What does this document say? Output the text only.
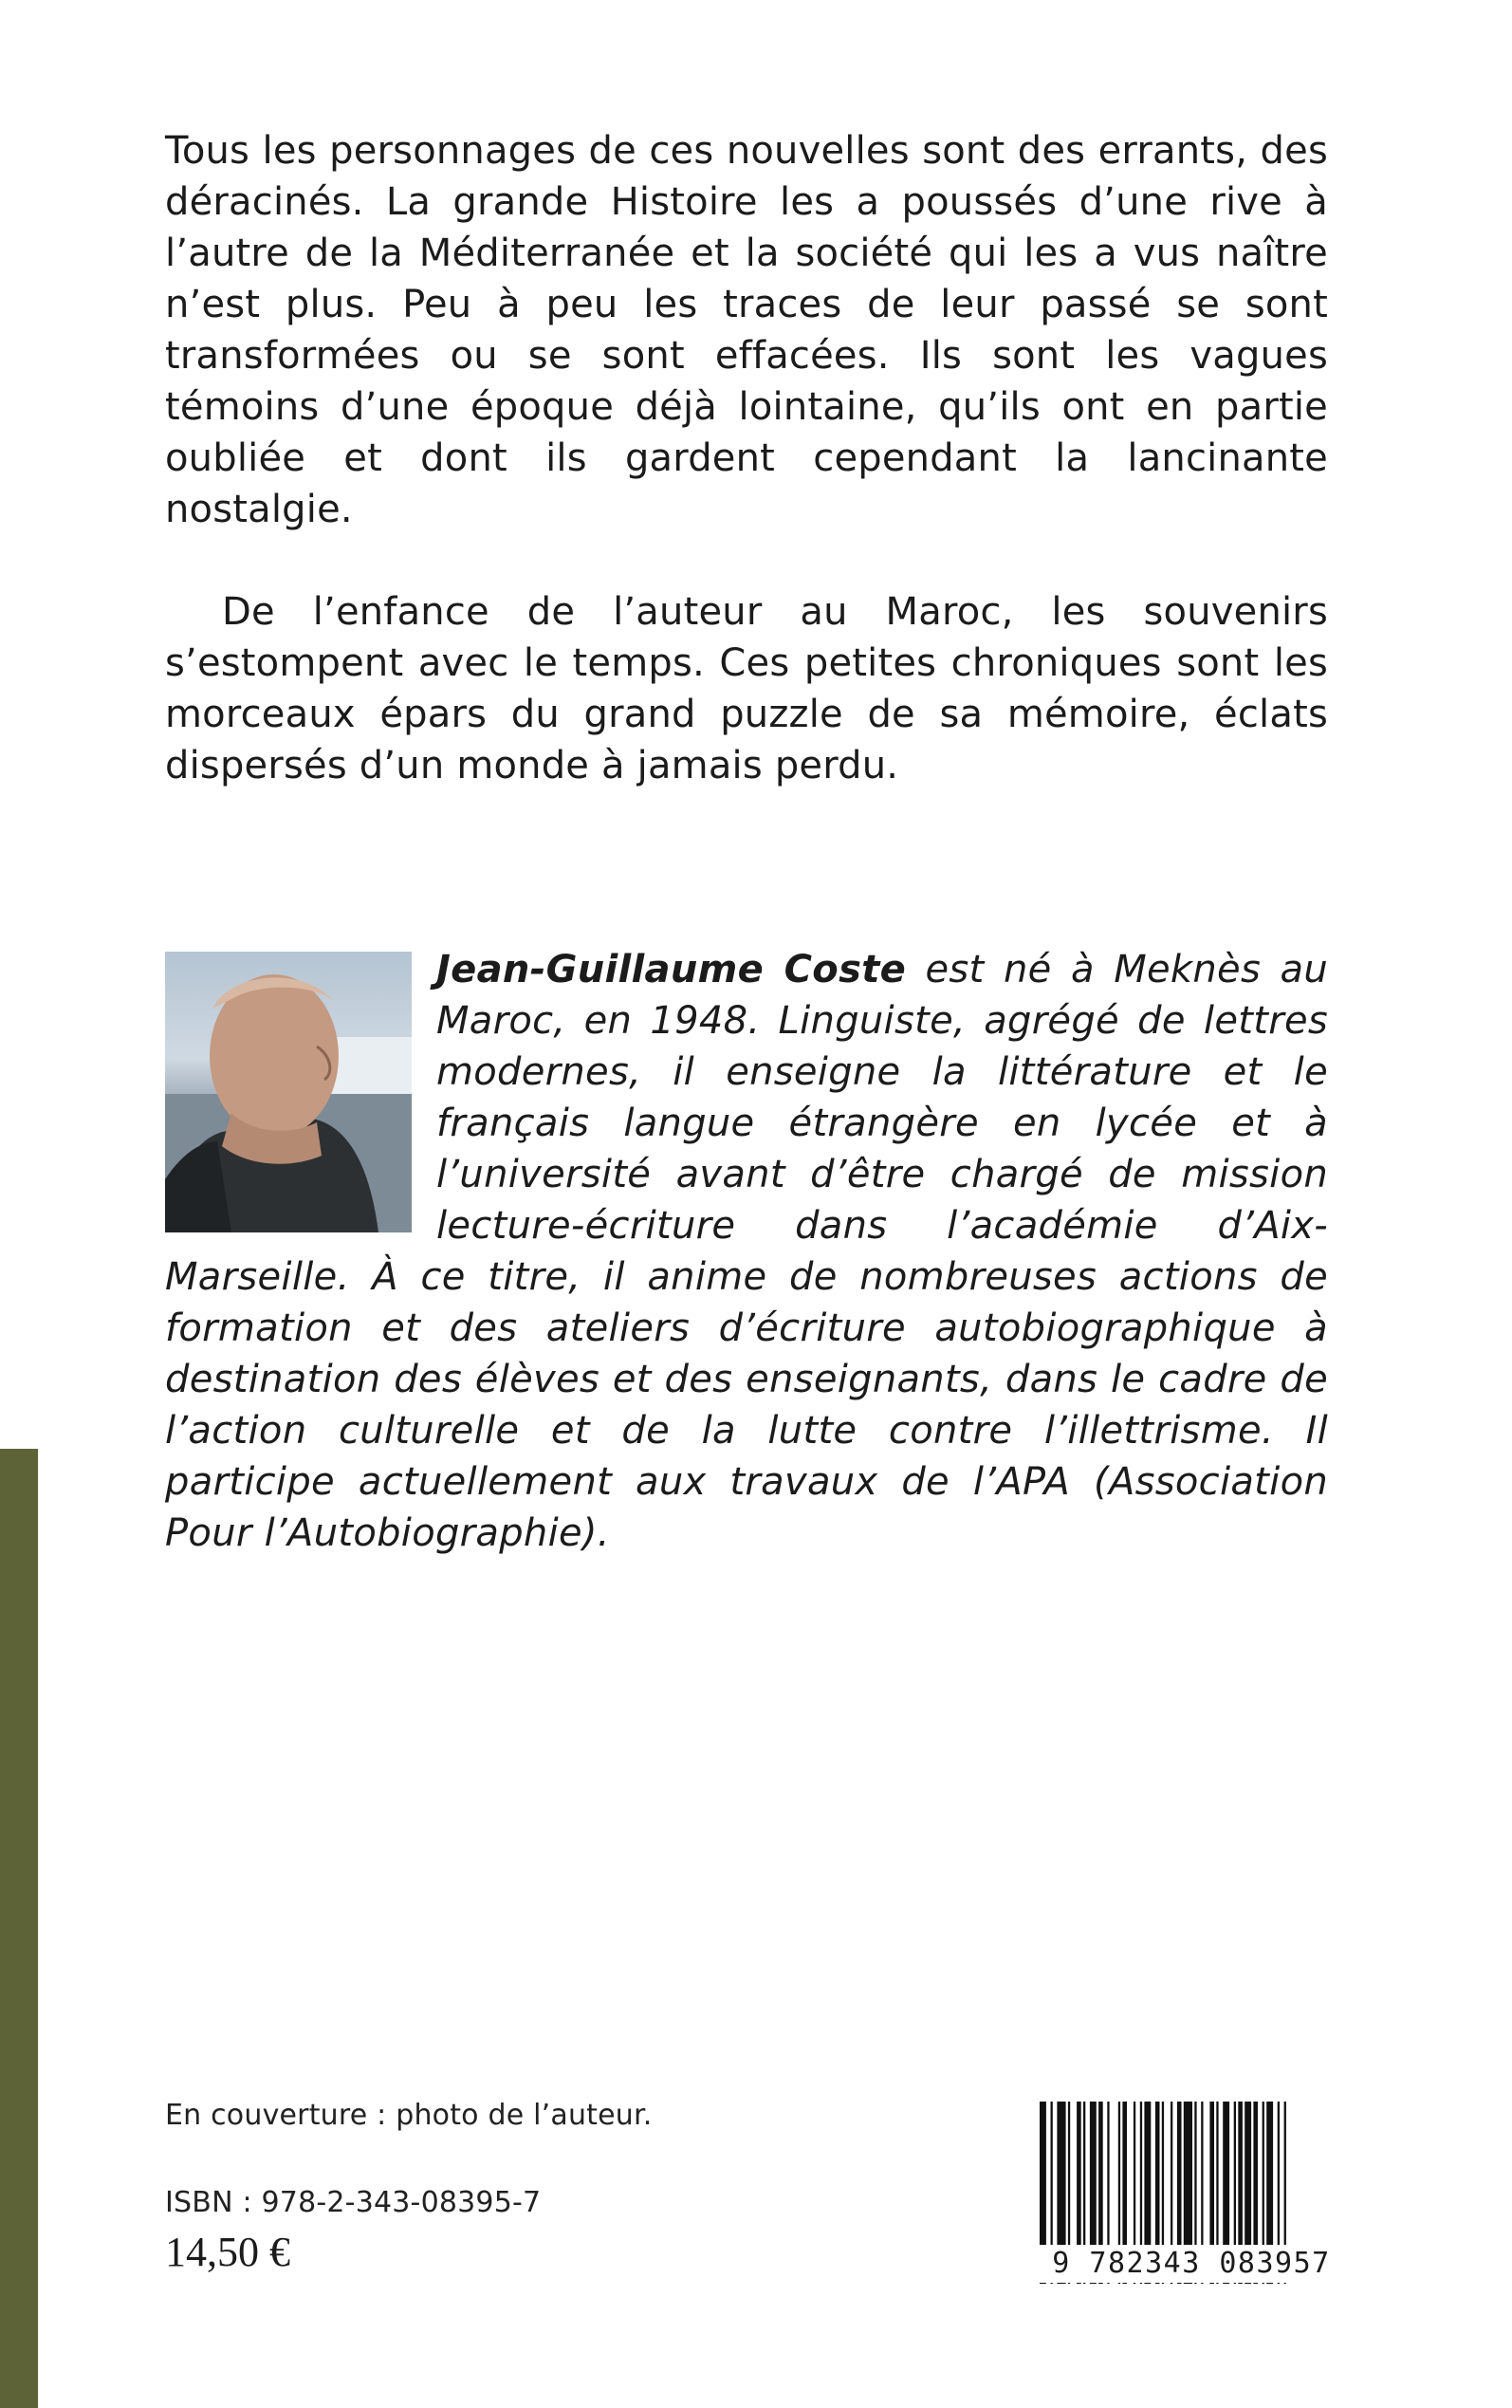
Tous les personnages de ces nouvelles sont des errants, des déracinés. La grande Histoire les a poussés d’une rive à l’autre de la Méditerranée et la société qui les a vus naître n’est plus. Peu à peu les traces de leur passé se sont transformées ou se sont effacées. Ils sont les vagues témoins d’une époque déjà lointaine, qu’ils ont en partie oubliée et dont ils gardent cependant la lancinante nostalgie.

De l’enfance de l’auteur au Maroc, les souvenirs s’estompent avec le temps. Ces petites chroniques sont les morceaux épars du grand puzzle de sa mémoire, éclats dispersés d’un monde à jamais perdu.

Jean-Guillaume Coste est né à Meknès au Maroc, en 1948. Linguiste, agrégé de lettres modernes, il enseigne la littérature et le français langue étrangère en lycée et à l’université avant d’être chargé de mission lecture-écriture dans l’académie d’Aix-Marseille. À ce titre, il anime de nombreuses actions de formation et des ateliers d’écriture autobiographique à destination des élèves et des enseignants, dans le cadre de l’action culturelle et de la lutte contre l’illettrisme. Il participe actuellement aux travaux de l’APA (Association Pour l’Autobiographie).

En couverture : photo de l’auteur.
ISBN : 978-2-343-08395-7
14,50 €	9 782343 083957
